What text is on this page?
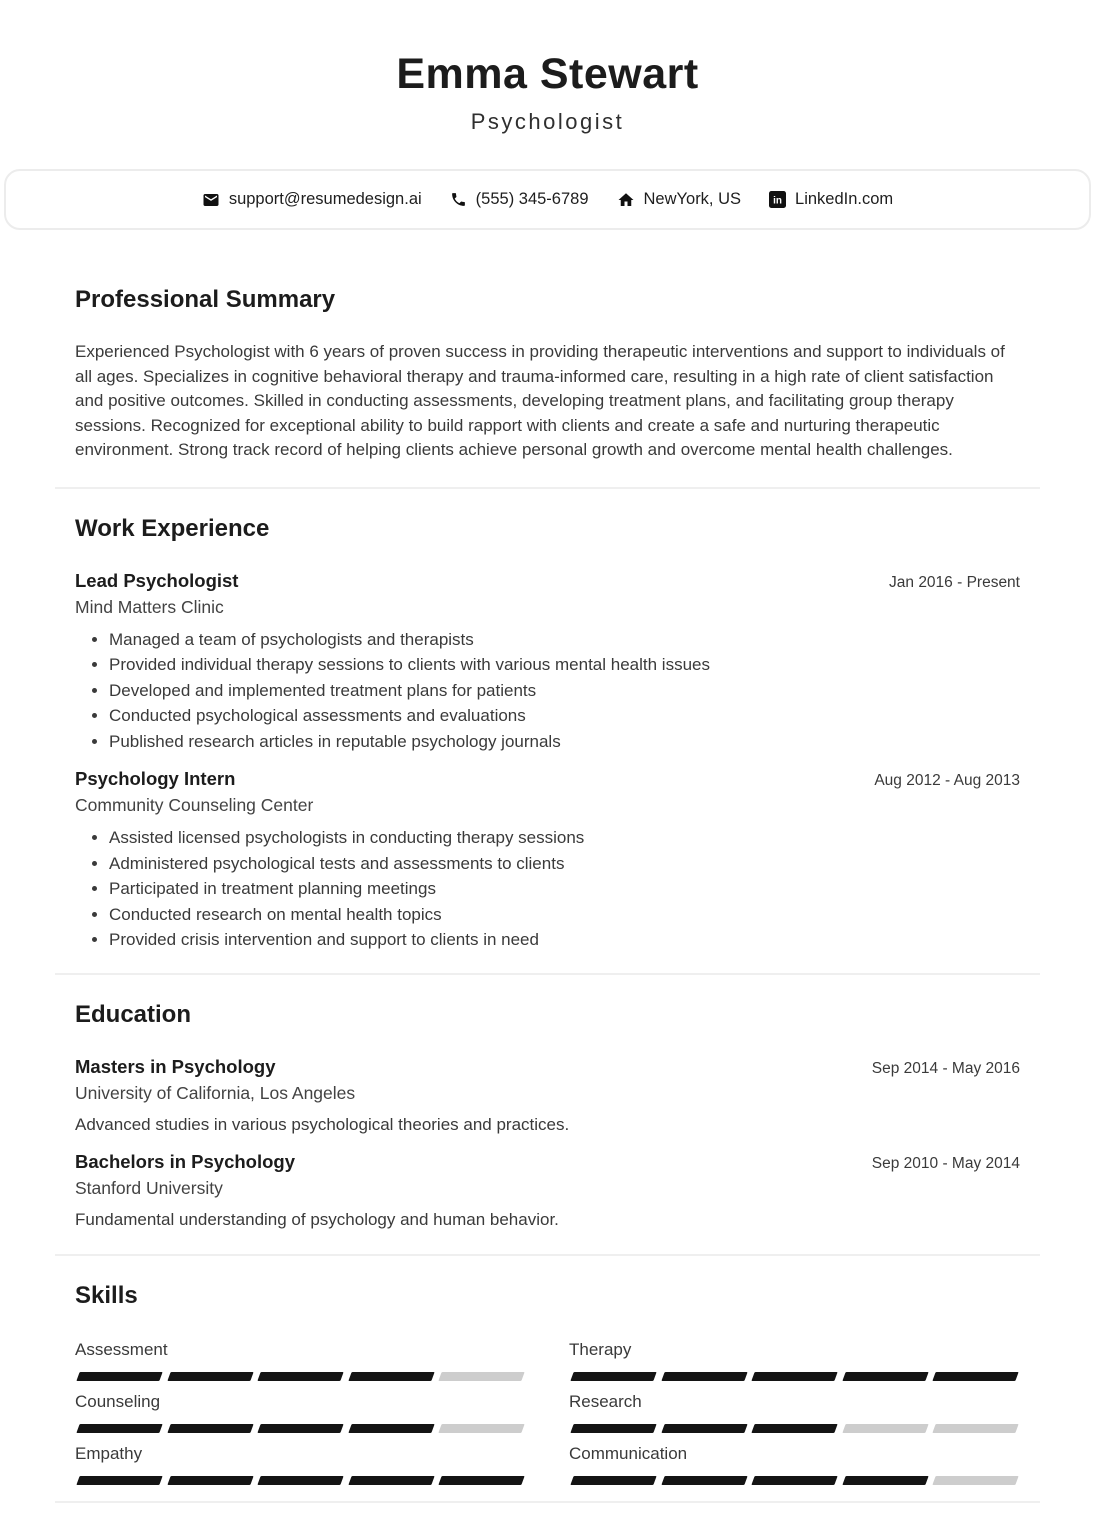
Emma Stewart
Psychologist
support@resumedesign.ai	(555) 345-6789	NewYork, US	in LinkedIn.com
Professional Summary

Experienced Psychologist with 6 years of proven success in providing therapeutic interventions and support to individuals of all ages. Specializes in cognitive behavioral therapy and trauma-informed care, resulting in a high rate of client satisfaction and positive outcomes. Skilled in conducting assessments, developing treatment plans, and facilitating group therapy sessions. Recognized for exceptional ability to build rapport with clients and create a safe and nurturing therapeutic environment. Strong track record of helping clients achieve personal growth and overcome mental health challenges.

Work Experience
Lead Psychologist	Jan 2016 - Present
Mind Matters Clinic
• Managed a team of psychologists and therapists
• Provided individual therapy sessions to clients with various mental health issues
• Developed and implemented treatment plans for patients
• Conducted psychological assessments and evaluations
• Published research articles in reputable psychology journals
Psychology Intern	Aug 2012 - Aug 2013
Community Counseling Center
• Assisted licensed psychologists in conducting therapy sessions
• Administered psychological tests and assessments to clients
• Participated in treatment planning meetings
• Conducted research on mental health topics
• Provided crisis intervention and support to clients in need
Education
Masters in Psychology	Sep 2014 - May 2016
University of California, Los Angeles

Advanced studies in various psychological theories and practices.

Bachelors in Psychology	Sep 2010 - May 2014
Stanford University

Fundamental understanding of psychology and human behavior.

Skills
Assessment	Therapy
Counseling	Research
Empathy	Communication
